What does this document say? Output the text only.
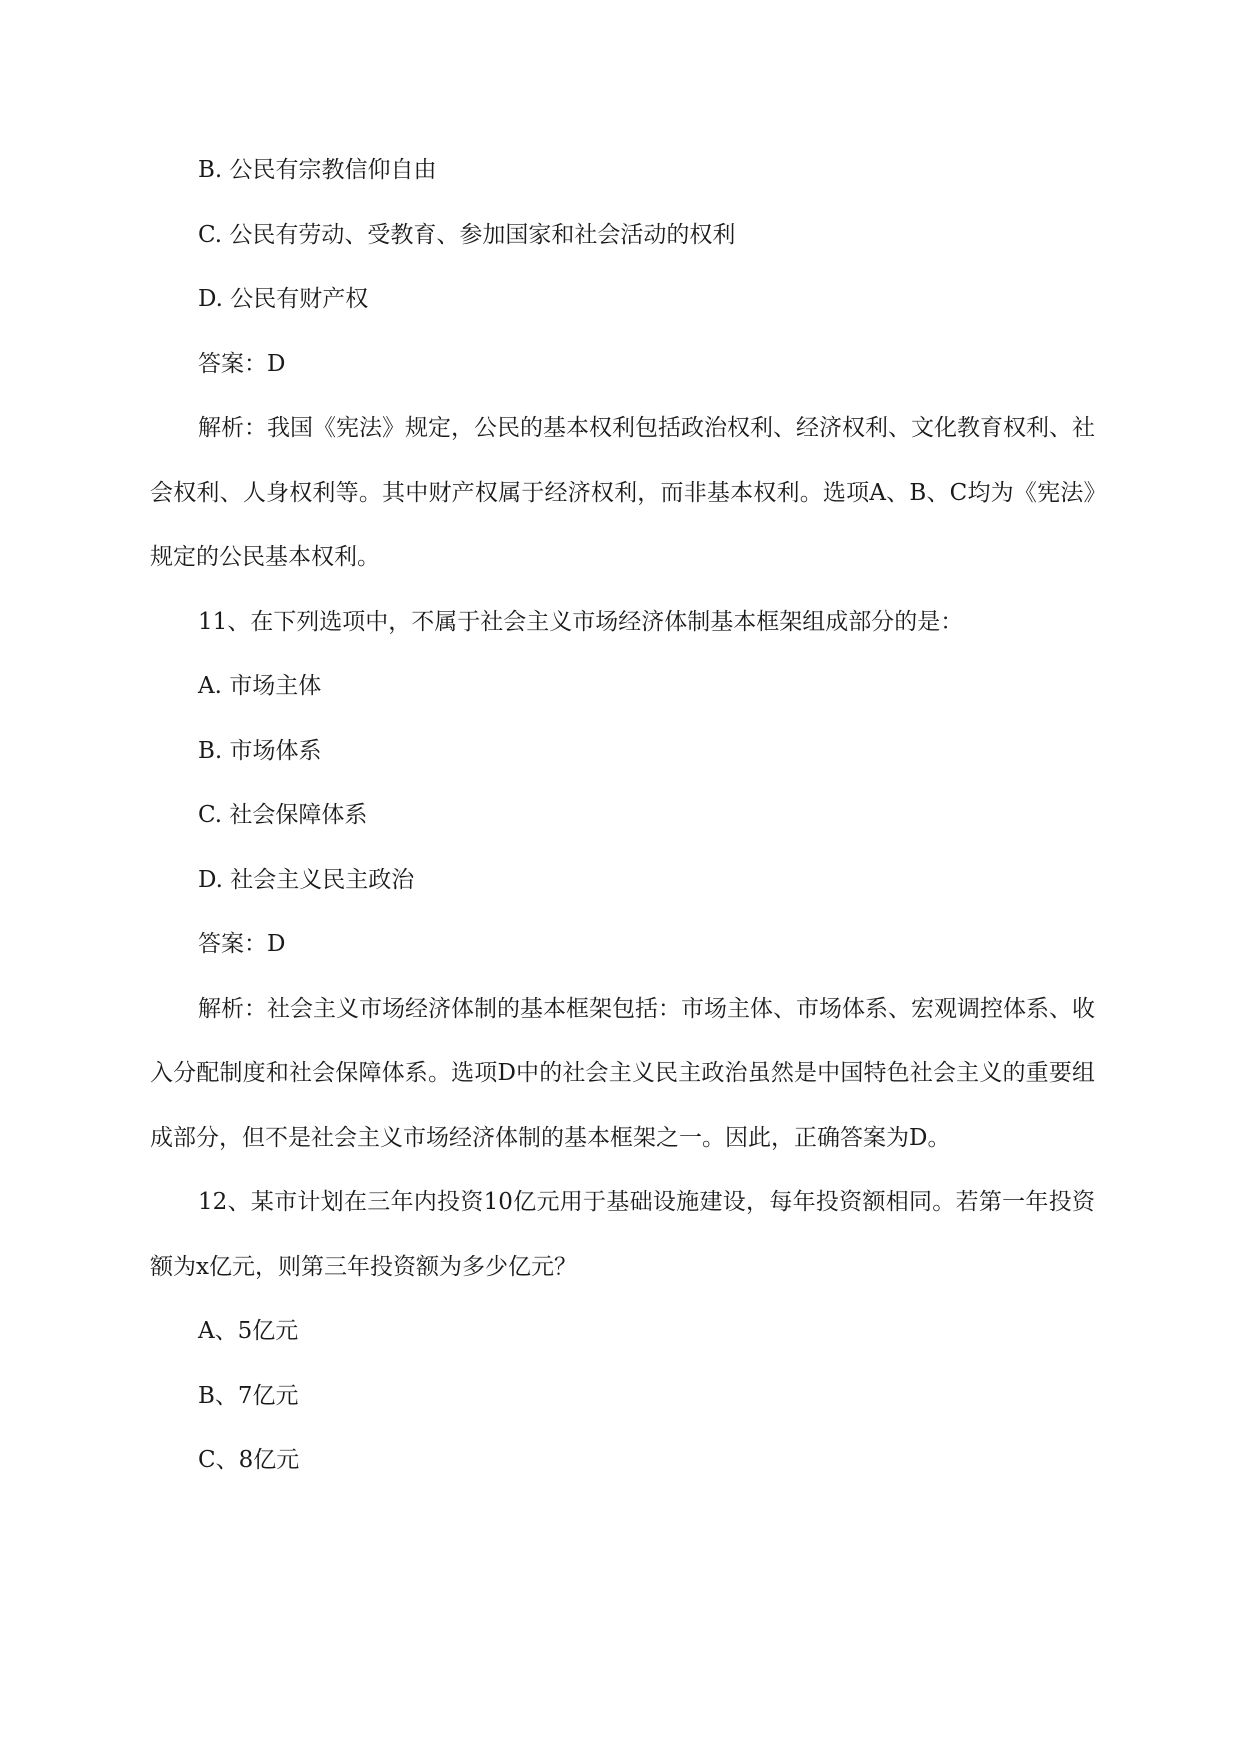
B. 公民有宗教信仰自由
C. 公民有劳动、受教育、参加国家和社会活动的权利
D. 公民有财产权
答案：D

解析：我国《宪法》规定，公民的基本权利包括政治权利、经济权利、文化教育权利、社会权利、人身权利等。其中财产权属于经济权利，而非基本权利。选项A、B、C均为《宪法》规定的公民基本权利。

11、在下列选项中，不属于社会主义市场经济体制基本框架组成部分的是：

A. 市场主体
B. 市场体系
C. 社会保障体系
D. 社会主义民主政治
答案：D

解析：社会主义市场经济体制的基本框架包括：市场主体、市场体系、宏观调控体系、收入分配制度和社会保障体系。选项D中的社会主义民主政治虽然是中国特色社会主义的重要组成部分，但不是社会主义市场经济体制的基本框架之一。因此，正确答案为D。

12、某市计划在三年内投资10亿元用于基础设施建设，每年投资额相同。若第一年投资额为x亿元，则第三年投资额为多少亿元？

A、5亿元
B、7亿元
C、8亿元
